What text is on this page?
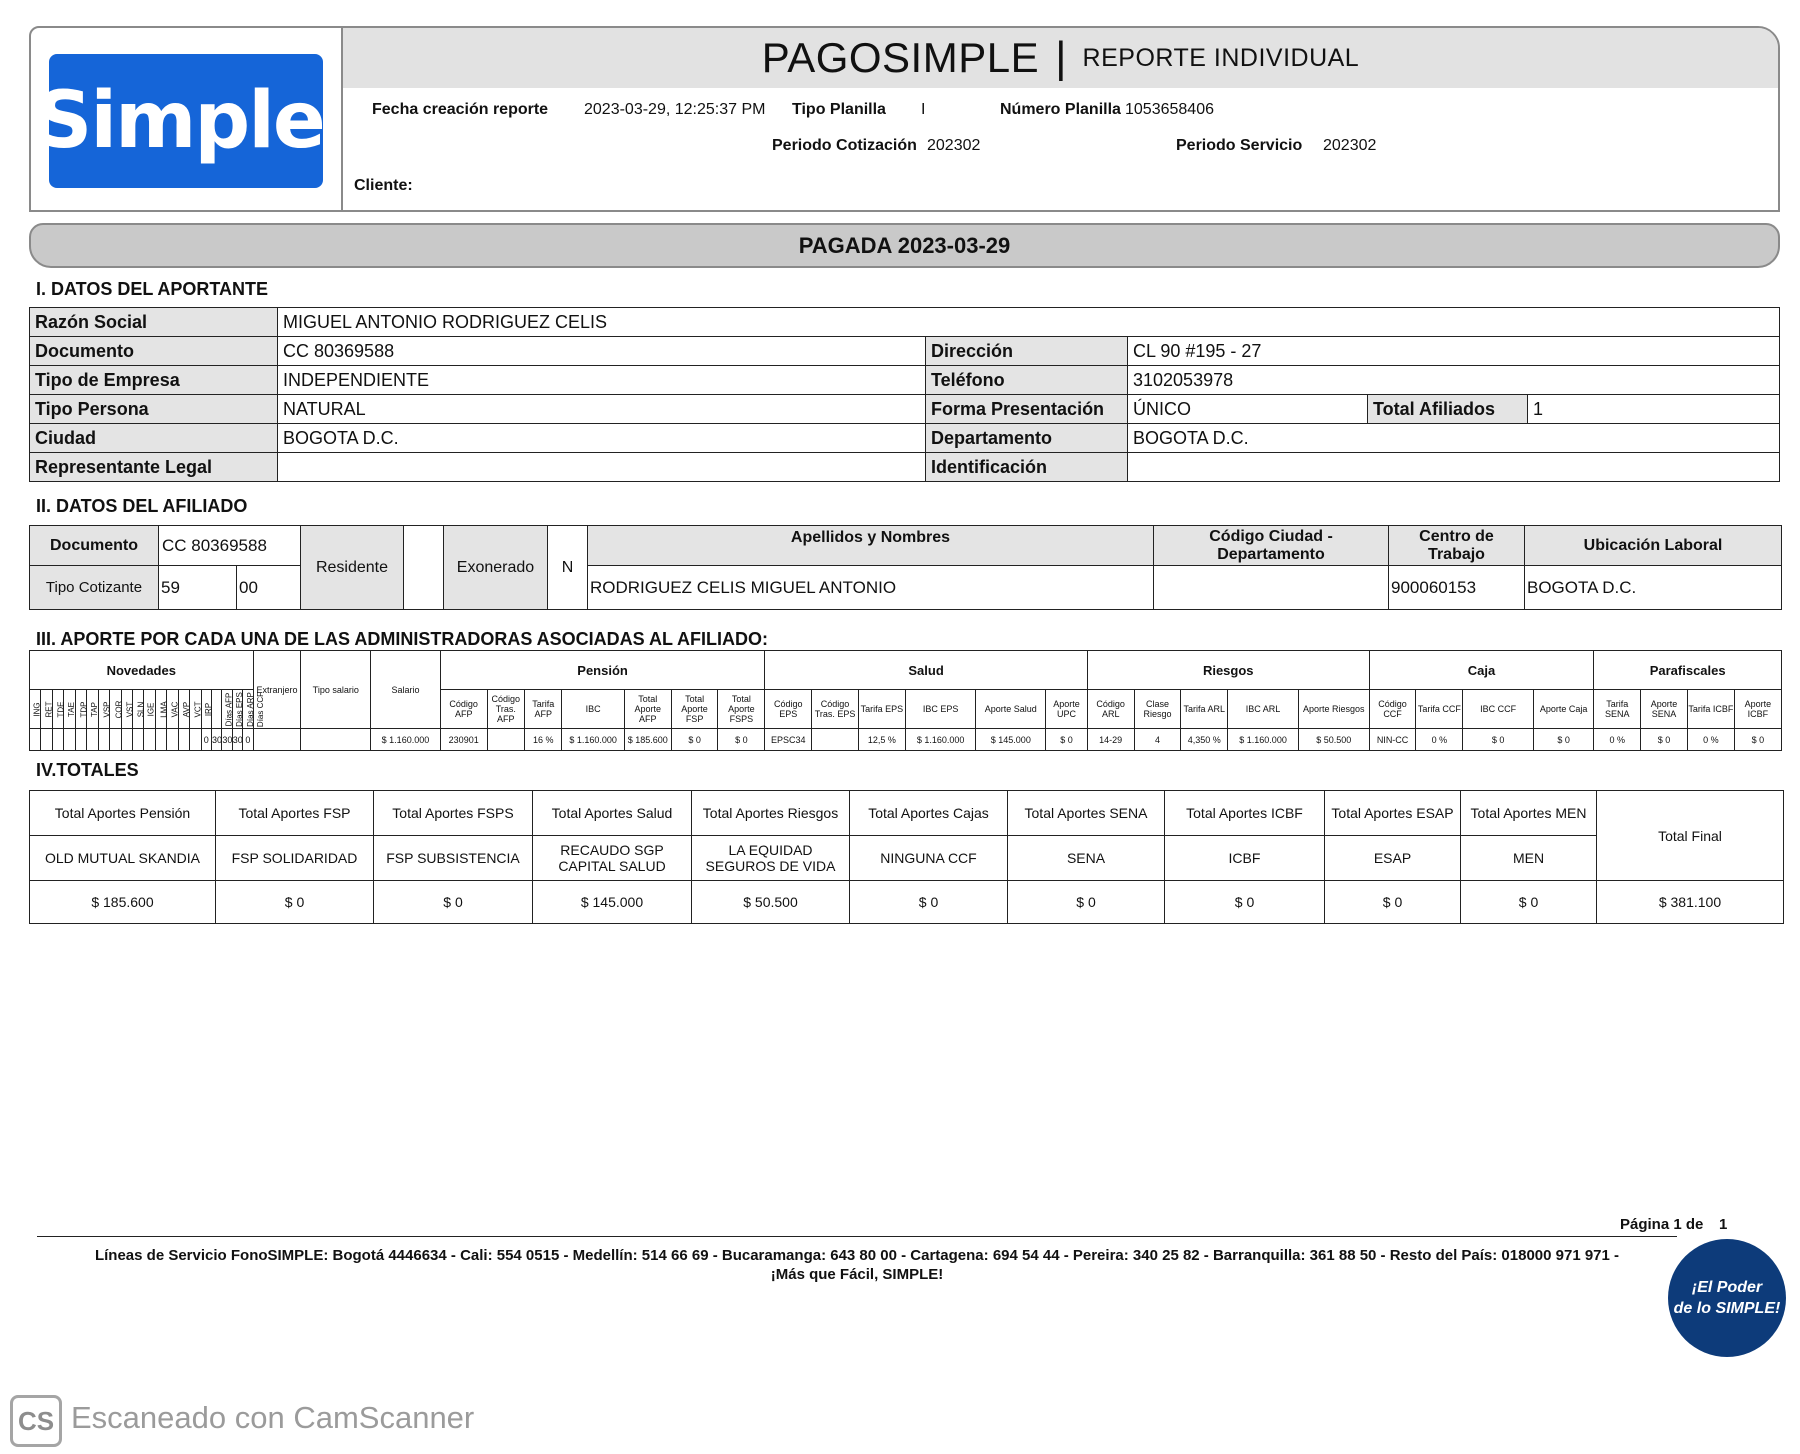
Simple ®
PAGOSIMPLE | REPORTE INDIVIDUAL
Fecha creación reporte 2023-03-29, 12:25:37 PM Tipo Planilla I	Número Planilla 1053658406
Periodo Cotización 202302	Periodo Servicio 202302
Cliente:
PAGADA 2023-03-29
I. DATOS DEL APORTANTE
Razón Social	MIGUEL ANTONIO RODRIGUEZ CELIS				
Documento	CC 80369588	Dirección	CL 90 #195 - 27		
Tipo de Empresa	INDEPENDIENTE	Teléfono	3102053978		
Tipo Persona	NATURAL	Forma Presentación	ÚNICO	Total Afiliados	1
Ciudad	BOGOTA D.C.	Departamento	BOGOTA D.C.		
Representante Legal		Identificación			
II. DATOS DEL AFILIADO
Documento	CC 80369588		Residente		Exonerado	N	Apellidos y Nombres	Código Ciudad - Departamento	Centro de Trabajo	Ubicación Laboral
Tipo Cotizante	59	00					RODRIGUEZ CELIS MIGUEL ANTONIO		900060153	BOGOTA D.C.
III. APORTE POR CADA UNA DE LAS ADMINISTRADORAS ASOCIADAS AL AFILIADO:
Novedades																				Extranjero	Tipo salario	Salario	Pensión							Salud						Riesgos					Caja				Parafiscales			
ING	RET	TDE	TAE	TDP	TAP	VSP	COR	VST	SLN	IGE	LMA	VAC	AVP	VCT	IRP	Días AFP	Días EPS	Días ARP	Días CCF				Código AFP	Código Tras. AFP	Tarifa AFP	IBC	Total Aporte AFP	Total Aporte FSP	Total Aporte FSPS	Código EPS	Código Tras. EPS	Tarifa EPS	IBC EPS	Aporte Salud	Aporte UPC	Código ARL	Clase Riesgo	Tarifa ARL	IBC ARL	Aporte Riesgos	Código CCF	Tarifa CCF	IBC CCF	Aporte Caja	Tarifa SENA	Aporte SENA	Tarifa ICBF	Aporte ICBF
															0	30	30	30	0			$ 1.160.000	230901		16 %	$ 1.160.000	$ 185.600	$ 0	$ 0	EPSC34		12,5 %	$ 1.160.000	$ 145.000	$ 0	14-29	4	4,350 %	$ 1.160.000	$ 50.500	NIN-CC	0 %	$ 0	$ 0	0 %	$ 0	0 %	$ 0
IV.TOTALES
Total Aportes Pensión	Total Aportes FSP	Total Aportes FSPS	Total Aportes Salud	Total Aportes Riesgos	Total Aportes Cajas	Total Aportes SENA	Total Aportes ICBF	Total Aportes ESAP	Total Aportes MEN	Total Final
OLD MUTUAL SKANDIA	FSP SOLIDARIDAD	FSP SUBSISTENCIA	RECAUDO SGP CAPITAL SALUD	LA EQUIDAD SEGUROS DE VIDA	NINGUNA CCF	SENA	ICBF	ESAP	MEN	
$ 185.600	$ 0	$ 0	$ 145.000	$ 50.500	$ 0	$ 0	$ 0	$ 0	$ 0	$ 381.100
Página 1 de 1
Líneas de Servicio FonoSIMPLE: Bogotá 4446634 - Cali: 554 0515 - Medellín: 514 66 69 - Bucaramanga: 643 80 00 - Cartagena: 694 54 44 - Pereira: 340 25 82 - Barranquilla: 361 88 50 - Resto del País: 018000 971 971 -
¡Más que Fácil, SIMPLE!
¡El Poder
de lo SIMPLE!
CS Escaneado con CamScanner
